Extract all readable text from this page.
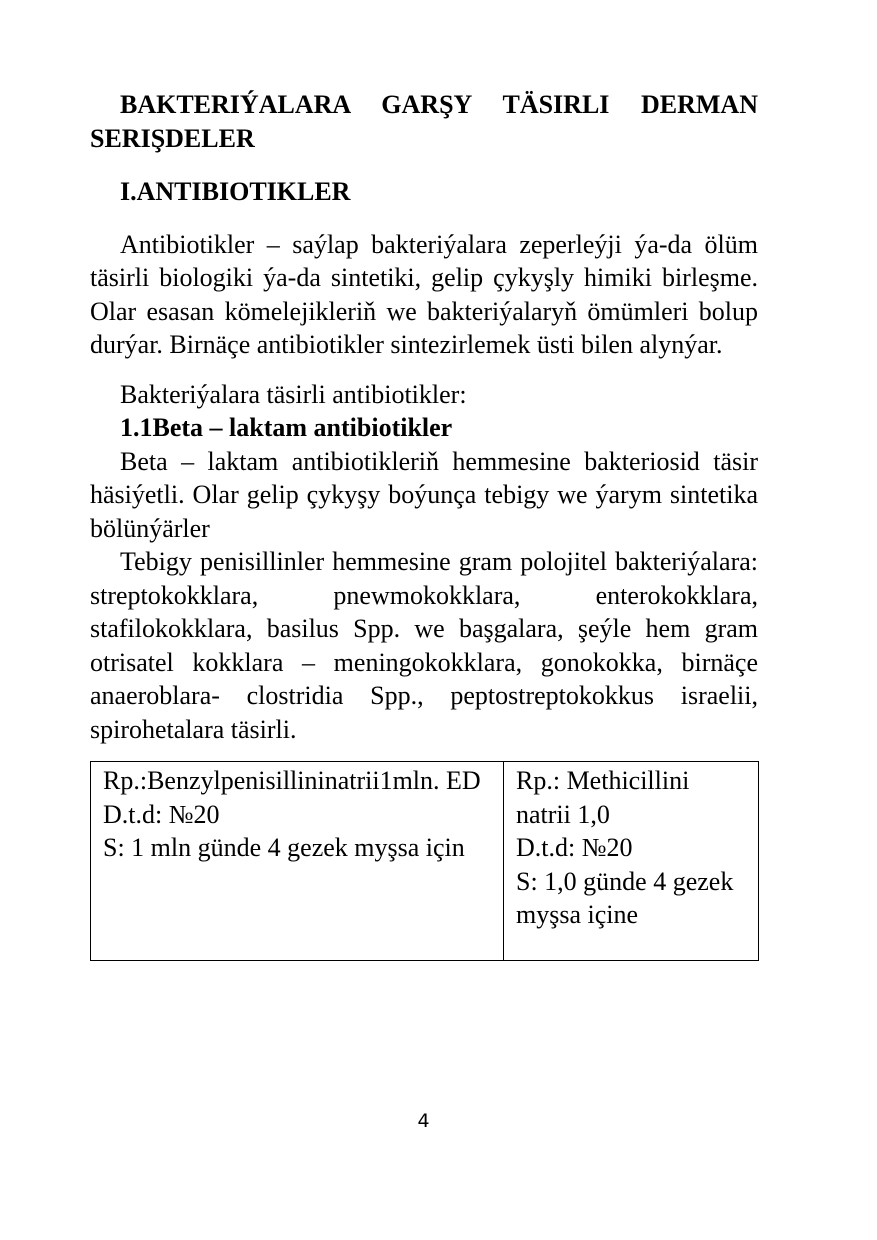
BAKTERIÝALARA GARŞY TÄSIRLI DERMAN SERIŞDELER

I.ANTIBIOTIKLER

Antibiotikler – saýlap bakteriýalara zeperleýji ýa-da ölüm täsirli biologiki ýa-da sintetiki, gelip çykyşly himiki birleşme. Olar esasan kömelejikleriň we bakteriýalaryň ömümleri bolup durýar. Birnäçe antibiotikler sintezirlemek üsti bilen alynýar.

Bakteriýalara täsirli antibiotikler:

1.1Beta – laktam antibiotikler

Beta – laktam antibiotikleriň hemmesine bakteriosid täsir häsiýetli. Olar gelip çykyşy boýunça tebigy we ýarym sintetika bölünýärler

Tebigy penisillinler hemmesine gram polojitel bakteriýalara: streptokokklara, pnewmokokklara, enterokokklara, stafilokokklara, basilus Spp. we başgalara, şeýle hem gram otrisatel kokklara – meningokokklara, gonokokka, birnäçe anaeroblara- clostridia Spp., peptostreptokokkus israelii, spirohetalara täsirli.

Rp.:Benzylpenisillininatrii1mln. ED
D.t.d: №20
S: 1 mln günde 4 gezek myşsa için

Rp.: Methicillini natrii 1,0
D.t.d: №20
S: 1,0 günde 4 gezek myşsa içine
4
